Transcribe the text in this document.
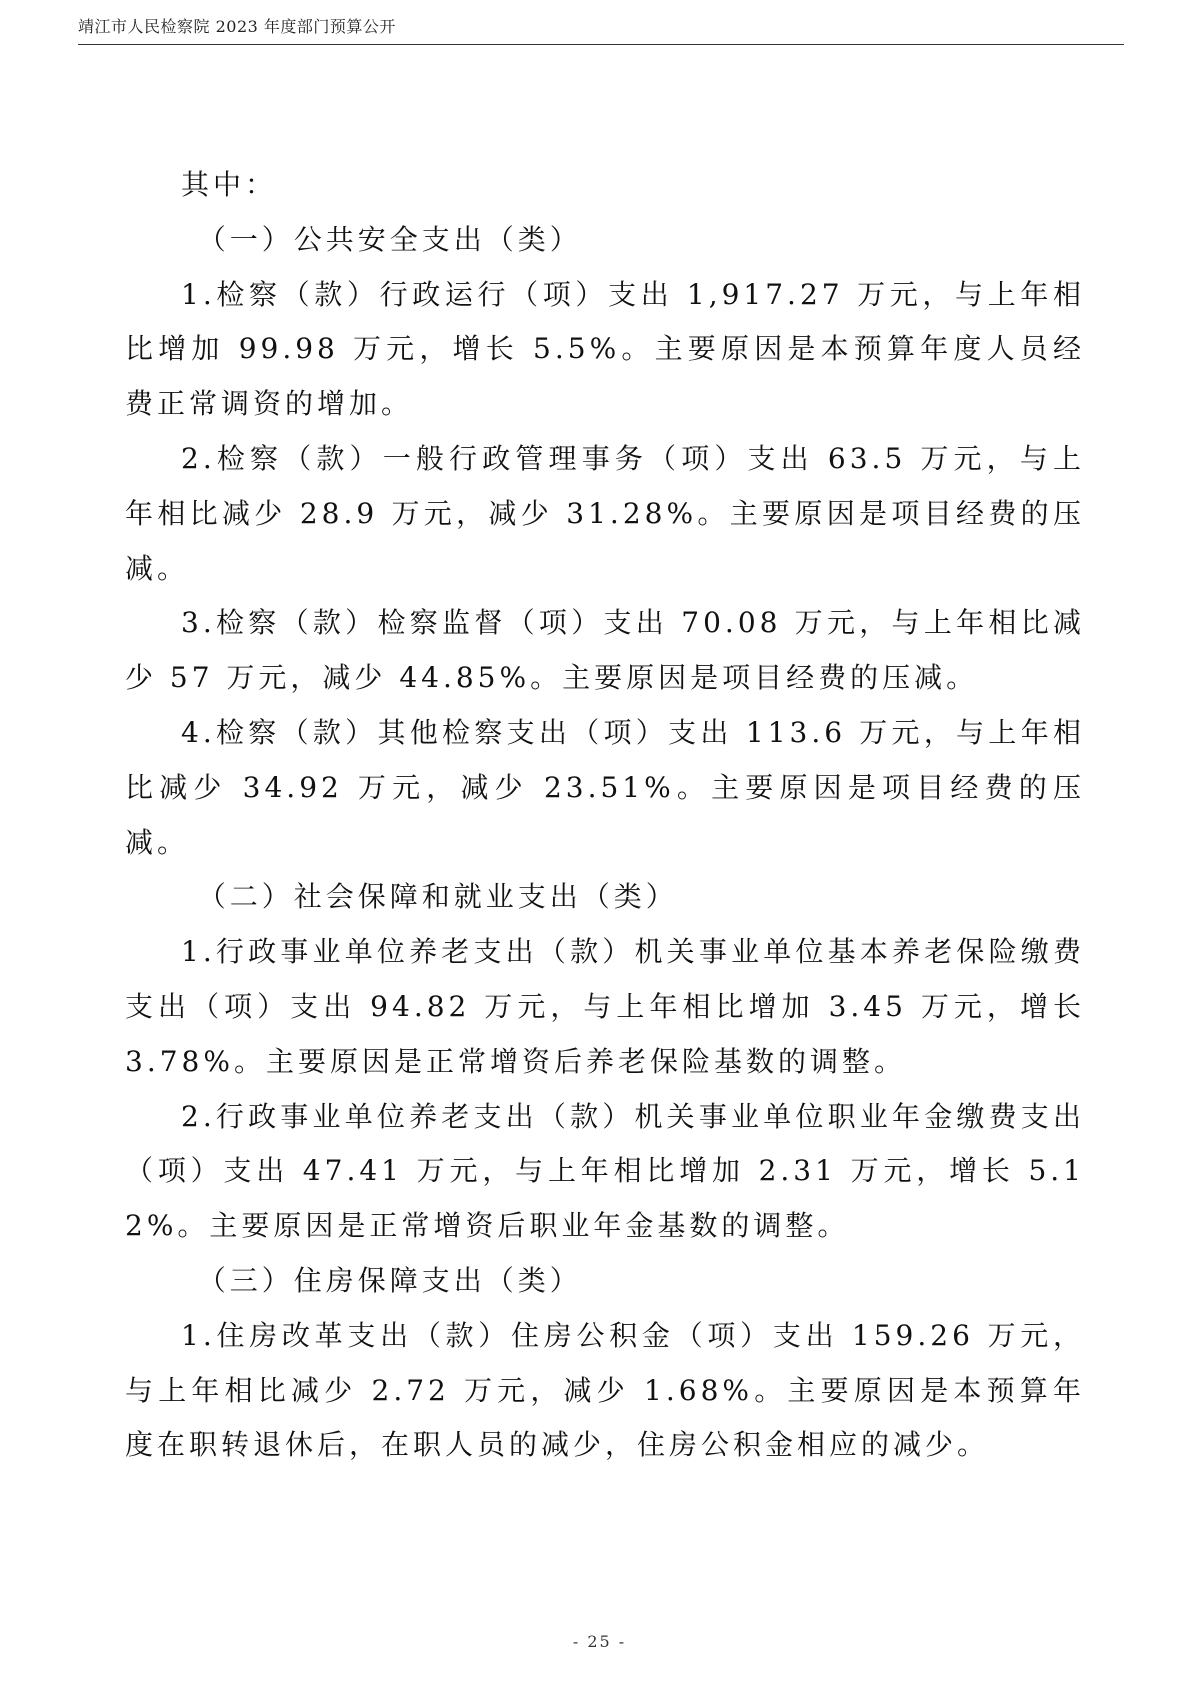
靖江市人民检察院 2023 年度部门预算公开

其中：

（一）公共安全支出（类）

1.检察（款）行政运行（项）支出 1,917.27 万元，与上年相比增加 99.98 万元，增长 5.5%。主要原因是本预算年度人员经费正常调资的增加。

2.检察（款）一般行政管理事务（项）支出 63.5 万元，与上年相比减少 28.9 万元，减少 31.28%。主要原因是项目经费的压减。

3.检察（款）检察监督（项）支出 70.08 万元，与上年相比减少 57 万元，减少 44.85%。主要原因是项目经费的压减。

4.检察（款）其他检察支出（项）支出 113.6 万元，与上年相比减少 34.92 万元，减少 23.51%。主要原因是项目经费的压减。

（二）社会保障和就业支出（类）

1.行政事业单位养老支出（款）机关事业单位基本养老保险缴费支出（项）支出 94.82 万元，与上年相比增加 3.45 万元，增长 3.78%。主要原因是正常增资后养老保险基数的调整。

2.行政事业单位养老支出（款）机关事业单位职业年金缴费支出（项）支出 47.41 万元，与上年相比增加 2.31 万元，增长 5.12%。主要原因是正常增资后职业年金基数的调整。

（三）住房保障支出（类）

1.住房改革支出（款）住房公积金（项）支出 159.26 万元，与上年相比减少 2.72 万元，减少 1.68%。主要原因是本预算年度在职转退休后，在职人员的减少，住房公积金相应的减少。

- 25 -
